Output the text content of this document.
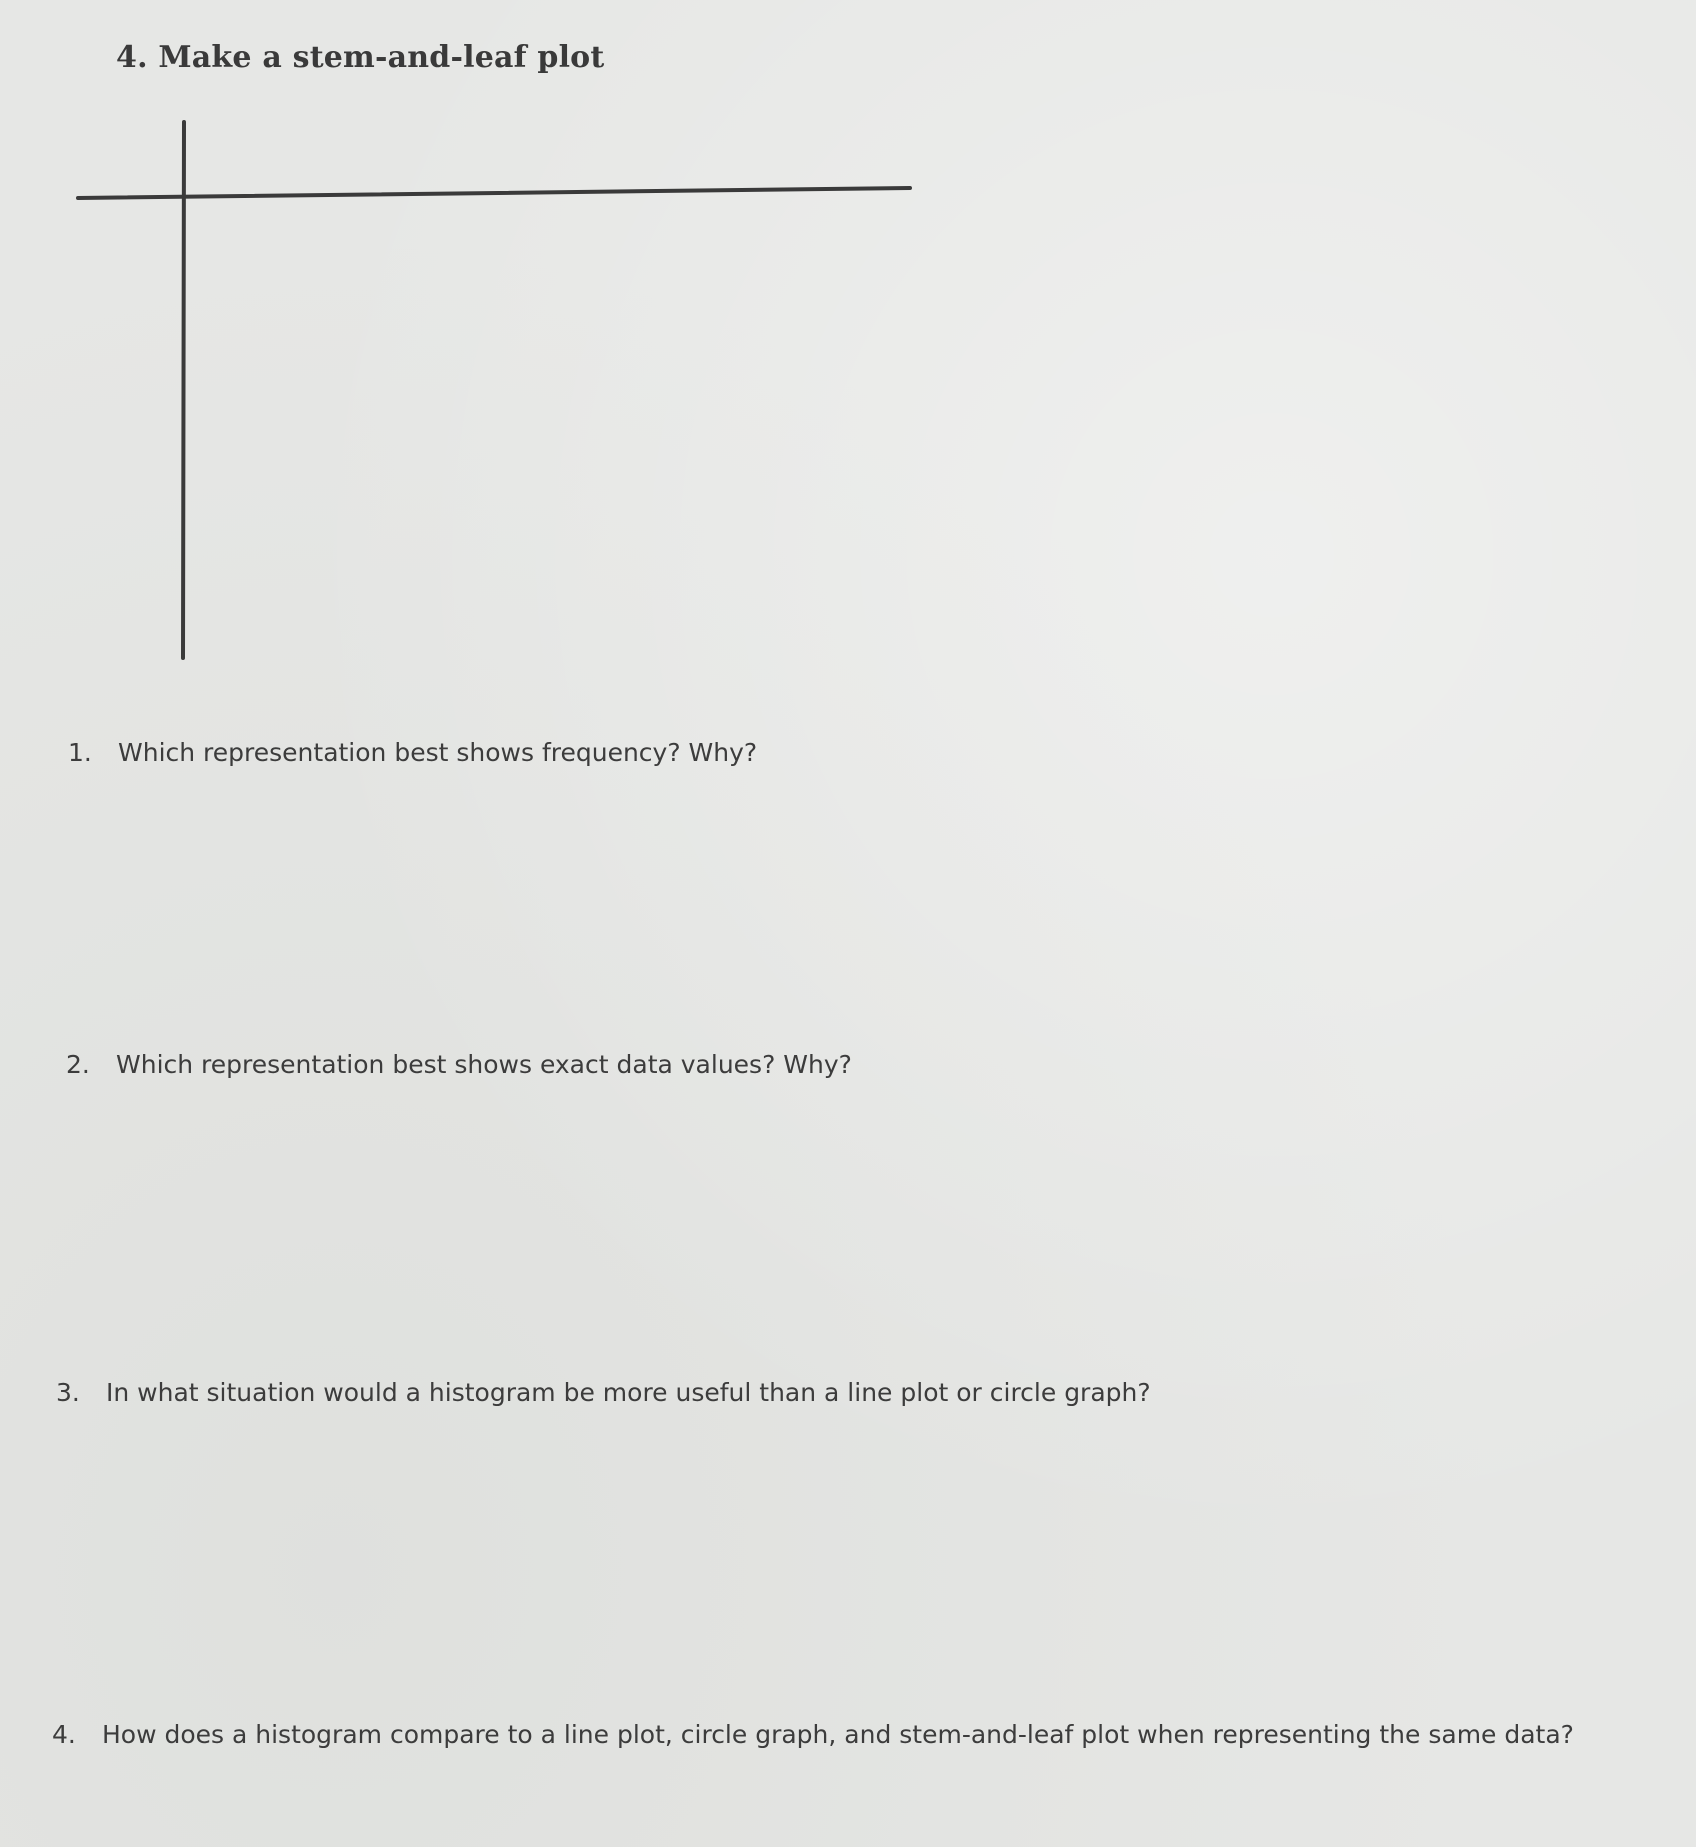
4. Make a stem-and-leaf plot
1. Which representation best shows frequency? Why?
2. Which representation best shows exact data values? Why?
3. In what situation would a histogram be more useful than a line plot or circle graph?
4. How does a histogram compare to a line plot, circle graph, and stem-and-leaf plot when representing the same data?
